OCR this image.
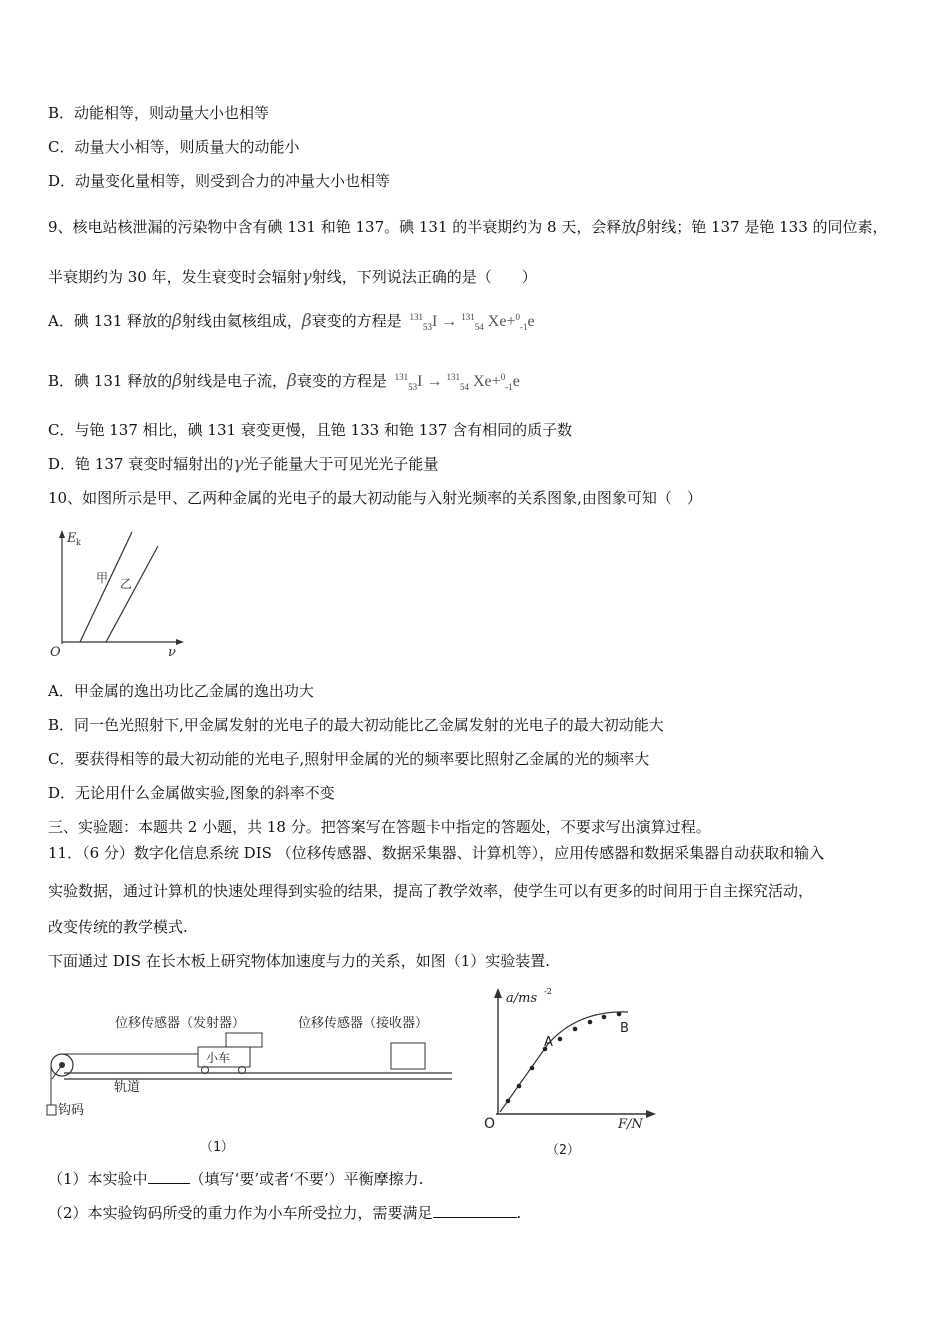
B．动能相等，则动量大小也相等
C．动量大小相等，则质量大的动能小
D．动量变化量相等，则受到合力的冲量大小也相等
9、核电站核泄漏的污染物中含有碘 131 和铯 137。碘 131 的半衰期约为 8 天，会释放β射线；铯 137 是铯 133 的同位素，
半衰期约为 30 年，发生衰变时会辐射γ射线，下列说法正确的是（　　）
A．碘 131 释放的β射线由氦核组成，β衰变的方程是 $^{131}_{53}$I → $^{131}_{54}$ Xe+$^0_{-1}$e
B．碘 131 释放的β射线是电子流，β衰变的方程是 $^{131}_{53}$I → $^{131}_{54}$ Xe+$^0_{-1}$e
C．与铯 137 相比，碘 131 衰变更慢，且铯 133 和铯 137 含有相同的质子数
D．铯 137 衰变时辐射出的γ光子能量大于可见光光子能量
10、如图所示是甲、乙两种金属的光电子的最大初动能与入射光频率的关系图象,由图象可知（　）
E k
ν
O
甲 乙
A．甲金属的逸出功比乙金属的逸出功大
B．同一色光照射下,甲金属发射的光电子的最大初动能比乙金属发射的光电子的最大初动能大
C．要获得相等的最大初动能的光电子,照射甲金属的光的频率要比照射乙金属的光的频率大
D．无论用什么金属做实验,图象的斜率不变
三、实验题：本题共 2 小题，共 18 分。把答案写在答题卡中指定的答题处，不要求写出演算过程。
11．（6 分）数字化信息系统 DIS （位移传感器、数据采集器、计算机等），应用传感器和数据采集器自动获取和输入
实验数据，通过计算机的快速处理得到实验的结果，提高了教学效率，使学生可以有更多的时间用于自主探究活动，
改变传统的教学模式.
下面通过 DIS 在长木板上研究物体加速度与力的关系，如图（1）实验装置.
位移传感器（发射器）	位移传感器（接收器）
小车
轨道
钩码
（1）
a/ms -2
F/N
O
A
B
（2）
（1）本实验中	（填写‘要’或者‘不要’）平衡摩擦力.
（2）本实验钩码所受的重力作为小车所受拉力，需要满足	.
